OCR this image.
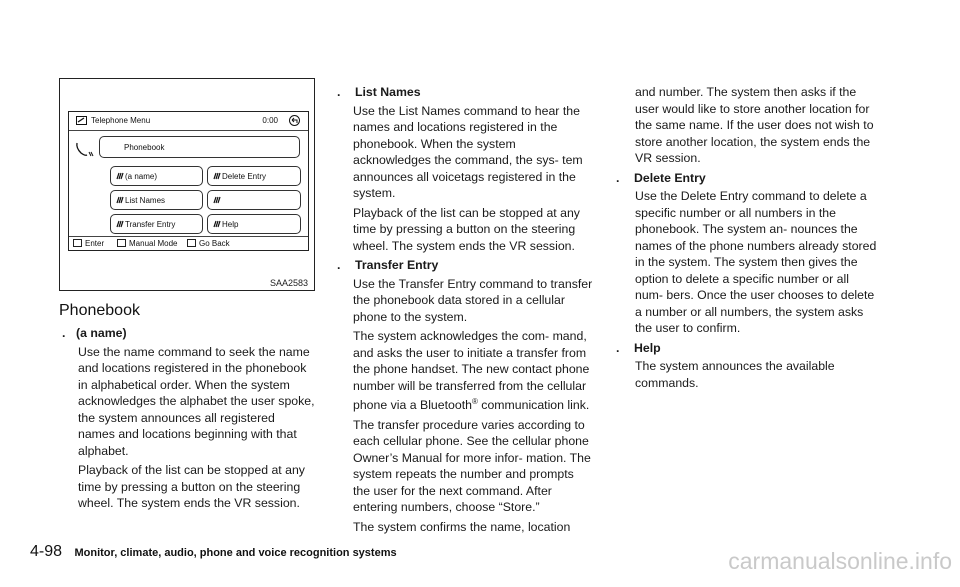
Telephone Menu	0:00
Phonebook
(a name)	Delete Entry
List Names
Transfer Entry	Help
Enter	Manual Mode	Go Back
SAA2583
Phonebook
. (a name)

Use the name command to seek the name and locations registered in the phonebook in alphabetical order. When the system acknowledges the alphabet the user spoke, the system announces all registered names and locations beginning with that alphabet.

Playback of the list can be stopped at any time by pressing a button on the steering wheel. The system ends the VR session.

. List Names

Use the List Names command to hear the names and locations registered in the phonebook. When the system acknowledges the command, the sys- tem announces all voicetags registered in the system.

Playback of the list can be stopped at any time by pressing a button on the steering wheel. The system ends the VR session.

. Transfer Entry

Use the Transfer Entry command to transfer the phonebook data stored in a cellular phone to the system.

The system acknowledges the com- mand, and asks the user to initiate a transfer from the phone handset. The new contact phone number will be transferred from the cellular phone via a Bluetooth® communication link.

The transfer procedure varies according to each cellular phone. See the cellular phone Owner’s Manual for more infor- mation. The system repeats the number and prompts the user for the next command. After entering numbers, choose “Store.”

The system confirms the name, location

and number. The system then asks if the user would like to store another location for the same name. If the user does not wish to store another location, the system ends the VR session.

. Delete Entry

Use the Delete Entry command to delete a specific number or all numbers in the phonebook. The system an- nounces the names of the phone numbers already stored in the system. The system then gives the option to delete a specific number or all num- bers. Once the user chooses to delete a number or all numbers, the system asks the user to confirm.

. Help

The system announces the available commands.

4-98 Monitor, climate, audio, phone and voice recognition systems	carmanualsonline.info
